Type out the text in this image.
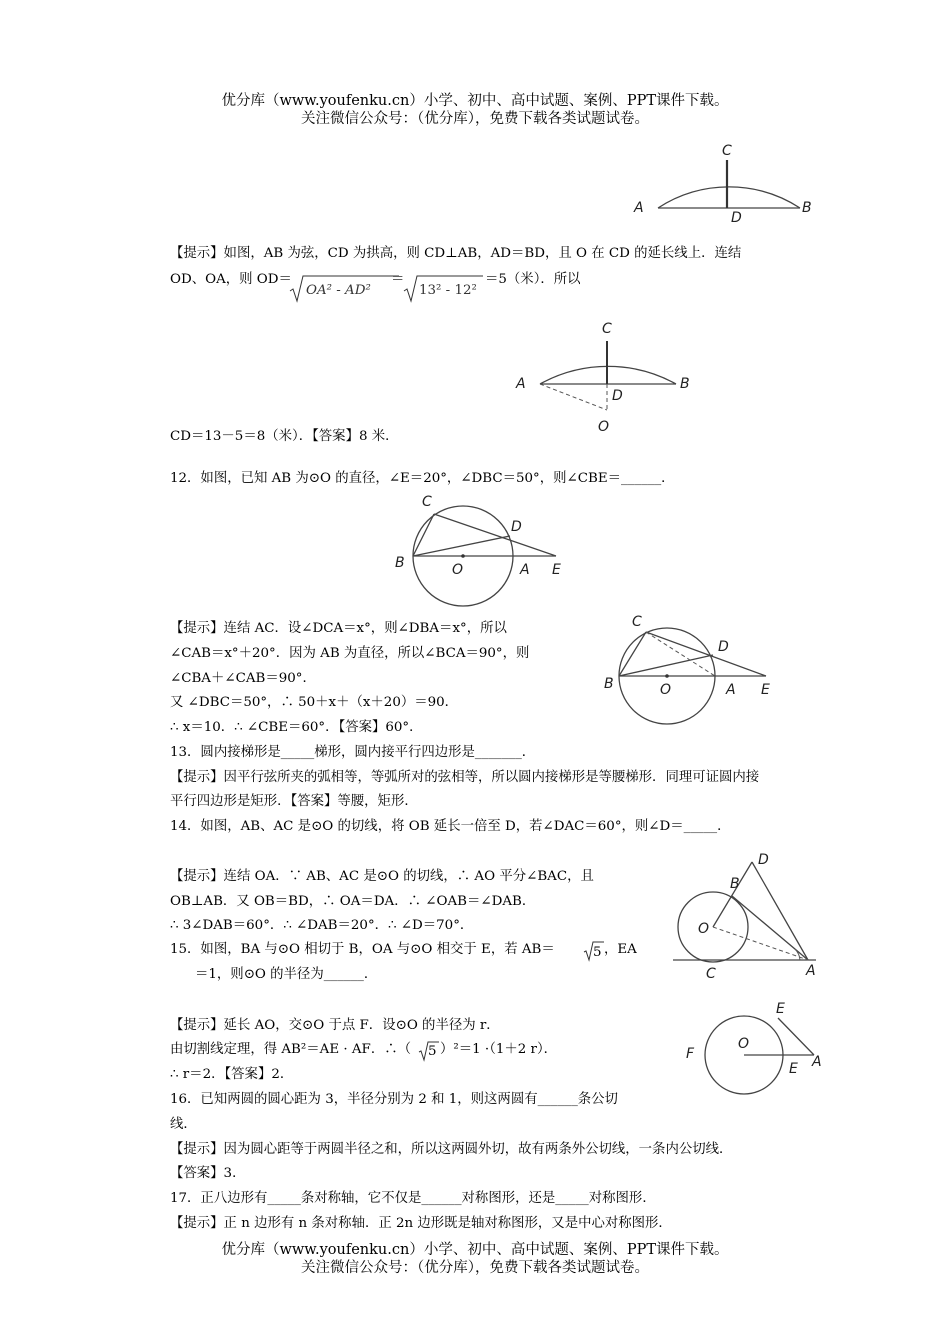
优分库（www.youfenku.cn）小学、初中、高中试题、案例、PPT课件下载。
关注微信公众号：（优分库），免费下载各类试题试卷。
C
A	B
D
【提示】如图，AB 为弦，CD 为拱高，则 CD⊥AB，AD＝BD，且 O 在 CD 的延长线上．连结
OD、OA，则 OD＝
OA² - AD²
＝
13² - 12²
＝5（米）．所以
C
A	B
D
O
CD＝13－5＝8（米）．【答案】8 米．
12．如图，已知 AB 为⊙O 的直径，∠E＝20°，∠DBC＝50°，则∠CBE＝______．
C
D
B	O	A E
【提示】连结 AC．设∠DCA＝x°，则∠DBA＝x°，所以
∠CAB＝x°＋20°．因为 AB 为直径，所以∠BCA＝90°，则
∠CBA＋∠CAB＝90°．
又 ∠DBC＝50°，∴ 50＋x＋（x＋20）＝90．
∴ x＝10．∴ ∠CBE＝60°．【答案】60°．
C
D
B	O	A E
13．圆内接梯形是_____梯形，圆内接平行四边形是_______．
【提示】因平行弦所夹的弧相等，等弧所对的弦相等，所以圆内接梯形是等腰梯形．同理可证圆内接
平行四边形是矩形．【答案】等腰，矩形．
14．如图，AB、AC 是⊙O 的切线，将 OB 延长一倍至 D，若∠DAC＝60°，则∠D＝_____．
【提示】连结 OA．∵ AB、AC 是⊙O 的切线，∴ AO 平分∠BAC，且
OB⊥AB．又 OB＝BD，∴ OA＝DA．∴ ∠OAB＝∠DAB．
∴ 3∠DAB＝60°．∴ ∠DAB＝20°．∴ ∠D＝70°．
D
B
O
C	A
15．如图，BA 与⊙O 相切于 B，OA 与⊙O 相交于 E，若 AB＝	5 ，EA
＝1，则⊙O 的半径为______．
【提示】延长 AO，交⊙O 于点 F．设⊙O 的半径为 r．
由切割线定理，得 AB²＝AE · AF．∴（ 5 ）²＝1 ·（1＋2 r）．
∴ r＝2．【答案】2．
E
F
O
E A
16．已知两圆的圆心距为 3，半径分别为 2 和 1，则这两圆有______条公切
线．
【提示】因为圆心距等于两圆半径之和，所以这两圆外切，故有两条外公切线，一条内公切线．
【答案】3．
17．正八边形有_____条对称轴，它不仅是______对称图形，还是_____对称图形．
【提示】正 n 边形有 n 条对称轴．正 2n 边形既是轴对称图形，又是中心对称图形．
优分库（www.youfenku.cn）小学、初中、高中试题、案例、PPT课件下载。
关注微信公众号：（优分库），免费下载各类试题试卷。
